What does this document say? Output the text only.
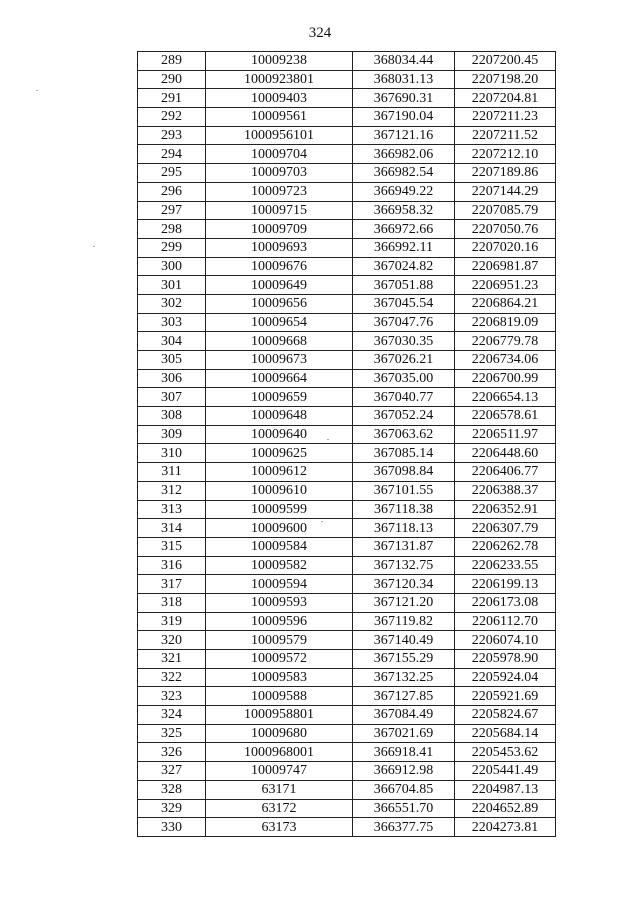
324
289	10009238	368034.44	2207200.45
290	1000923801	368031.13	2207198.20
291	10009403	367690.31	2207204.81
292	10009561	367190.04	2207211.23
293	1000956101	367121.16	2207211.52
294	10009704	366982.06	2207212.10
295	10009703	366982.54	2207189.86
296	10009723	366949.22	2207144.29
297	10009715	366958.32	2207085.79
298	10009709	366972.66	2207050.76
299	10009693	366992.11	2207020.16
300	10009676	367024.82	2206981.87
301	10009649	367051.88	2206951.23
302	10009656	367045.54	2206864.21
303	10009654	367047.76	2206819.09
304	10009668	367030.35	2206779.78
305	10009673	367026.21	2206734.06
306	10009664	367035.00	2206700.99
307	10009659	367040.77	2206654.13
308	10009648	367052.24	2206578.61
309	10009640	367063.62	2206511.97
310	10009625	367085.14	2206448.60
311	10009612	367098.84	2206406.77
312	10009610	367101.55	2206388.37
313	10009599	367118.38	2206352.91
314	10009600	367118.13	2206307.79
315	10009584	367131.87	2206262.78
316	10009582	367132.75	2206233.55
317	10009594	367120.34	2206199.13
318	10009593	367121.20	2206173.08
319	10009596	367119.82	2206112.70
320	10009579	367140.49	2206074.10
321	10009572	367155.29	2205978.90
322	10009583	367132.25	2205924.04
323	10009588	367127.85	2205921.69
324	1000958801	367084.49	2205824.67
325	10009680	367021.69	2205684.14
326	1000968001	366918.41	2205453.62
327	10009747	366912.98	2205441.49
328	63171	366704.85	2204987.13
329	63172	366551.70	2204652.89
330	63173	366377.75	2204273.81
